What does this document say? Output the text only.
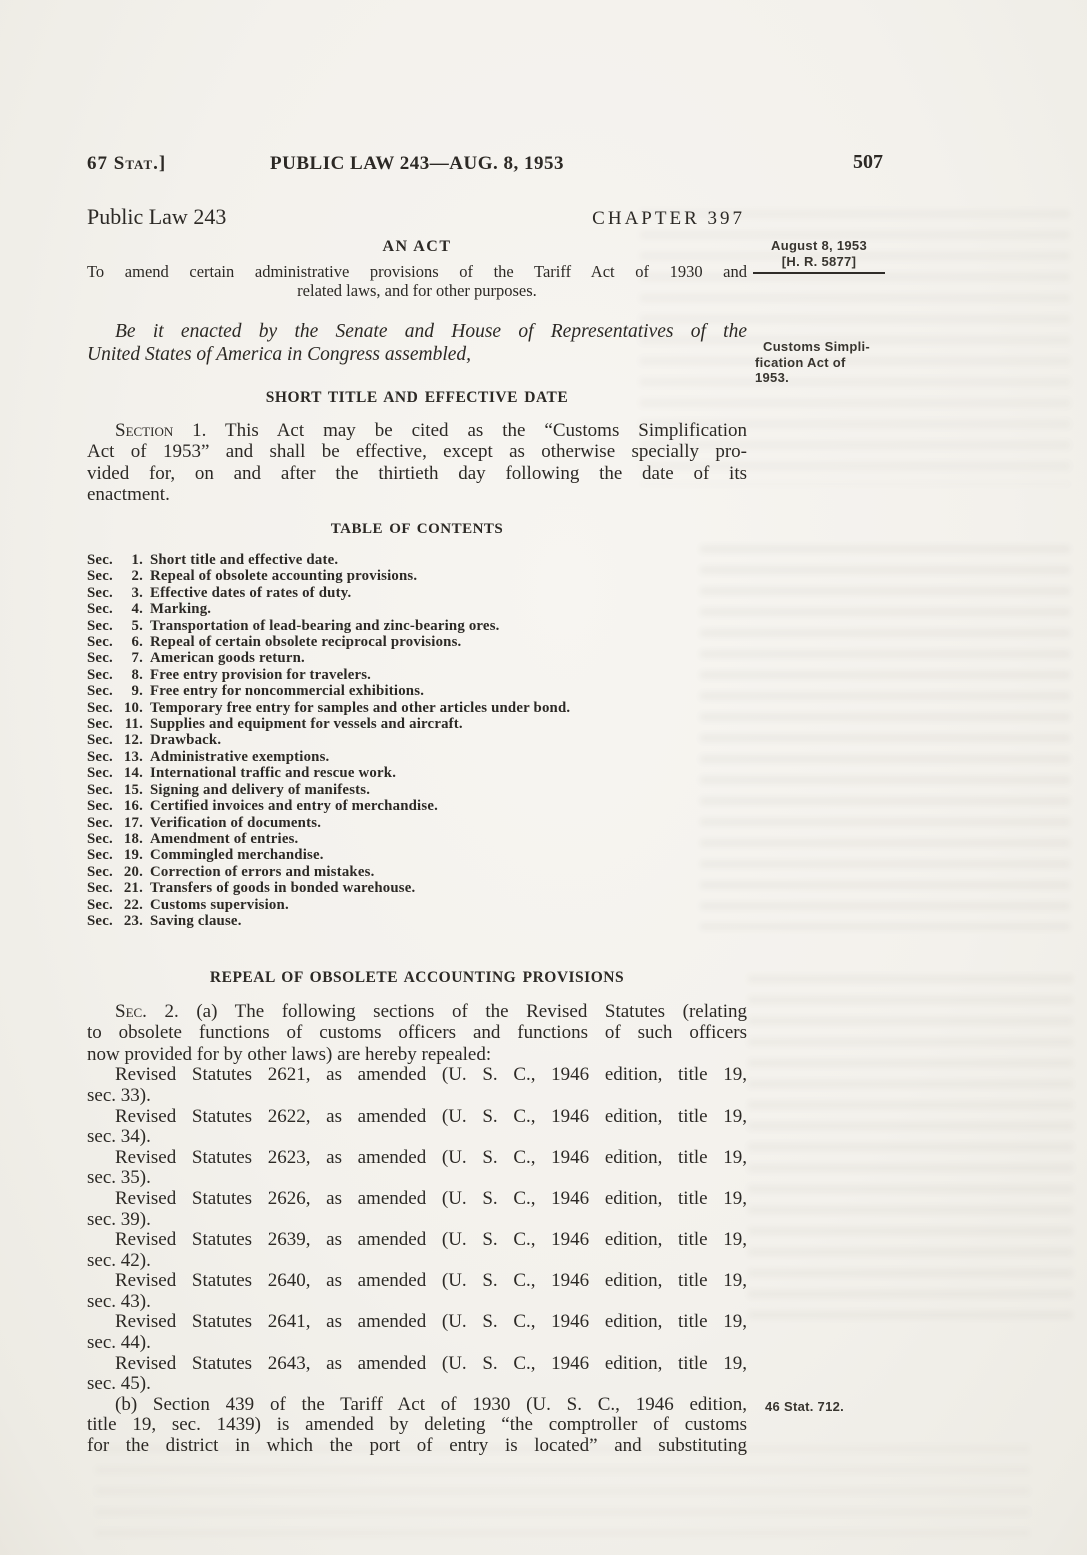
67 Stat.]	PUBLIC LAW 243—AUG. 8, 1953	507
Public Law 243	CHAPTER 397
AN ACT
To amend certain administrative provisions of the Tariff Act of 1930 and
related laws, and for other purposes.
Be it enacted by the Senate and House of Representatives of the
United States of America in Congress assembled,
SHORT TITLE AND EFFECTIVE DATE
Section 1. This Act may be cited as the “Customs Simplification
Act of 1953” and shall be effective, except as otherwise specially pro-
vided for, on and after the thirtieth day following the date of its
enactment.
TABLE OF CONTENTS
Sec.	1. Short title and effective date.
Sec.	2. Repeal of obsolete accounting provisions.
Sec.	3. Effective dates of rates of duty.
Sec.	4. Marking.
Sec.	5. Transportation of lead-bearing and zinc-bearing ores.
Sec.	6. Repeal of certain obsolete reciprocal provisions.
Sec.	7. American goods return.
Sec.	8. Free entry provision for travelers.
Sec.	9. Free entry for noncommercial exhibitions.
Sec. 10. Temporary free entry for samples and other articles under bond.
Sec. 11. Supplies and equipment for vessels and aircraft.
Sec. 12. Drawback.
Sec. 13. Administrative exemptions.
Sec. 14. International traffic and rescue work.
Sec. 15. Signing and delivery of manifests.
Sec. 16. Certified invoices and entry of merchandise.
Sec. 17. Verification of documents.
Sec. 18. Amendment of entries.
Sec. 19. Commingled merchandise.
Sec. 20. Correction of errors and mistakes.
Sec. 21. Transfers of goods in bonded warehouse.
Sec. 22. Customs supervision.
Sec. 23. Saving clause.
REPEAL OF OBSOLETE ACCOUNTING PROVISIONS
Sec. 2. (a) The following sections of the Revised Statutes (relating
to obsolete functions of customs officers and functions of such officers
now provided for by other laws) are hereby repealed:
Revised Statutes 2621, as amended (U. S. C., 1946 edition, title 19,
sec. 33).
Revised Statutes 2622, as amended (U. S. C., 1946 edition, title 19,
sec. 34).
Revised Statutes 2623, as amended (U. S. C., 1946 edition, title 19,
sec. 35).
Revised Statutes 2626, as amended (U. S. C., 1946 edition, title 19,
sec. 39).
Revised Statutes 2639, as amended (U. S. C., 1946 edition, title 19,
sec. 42).
Revised Statutes 2640, as amended (U. S. C., 1946 edition, title 19,
sec. 43).
Revised Statutes 2641, as amended (U. S. C., 1946 edition, title 19,
sec. 44).
Revised Statutes 2643, as amended (U. S. C., 1946 edition, title 19,
sec. 45).
(b) Section 439 of the Tariff Act of 1930 (U. S. C., 1946 edition,
title 19, sec. 1439) is amended by deleting “the comptroller of customs
for the district in which the port of entry is located” and substituting
August 8, 1953
[H. R. 5877]
Customs Simpli-
fication Act of
1953.
46 Stat. 712.
